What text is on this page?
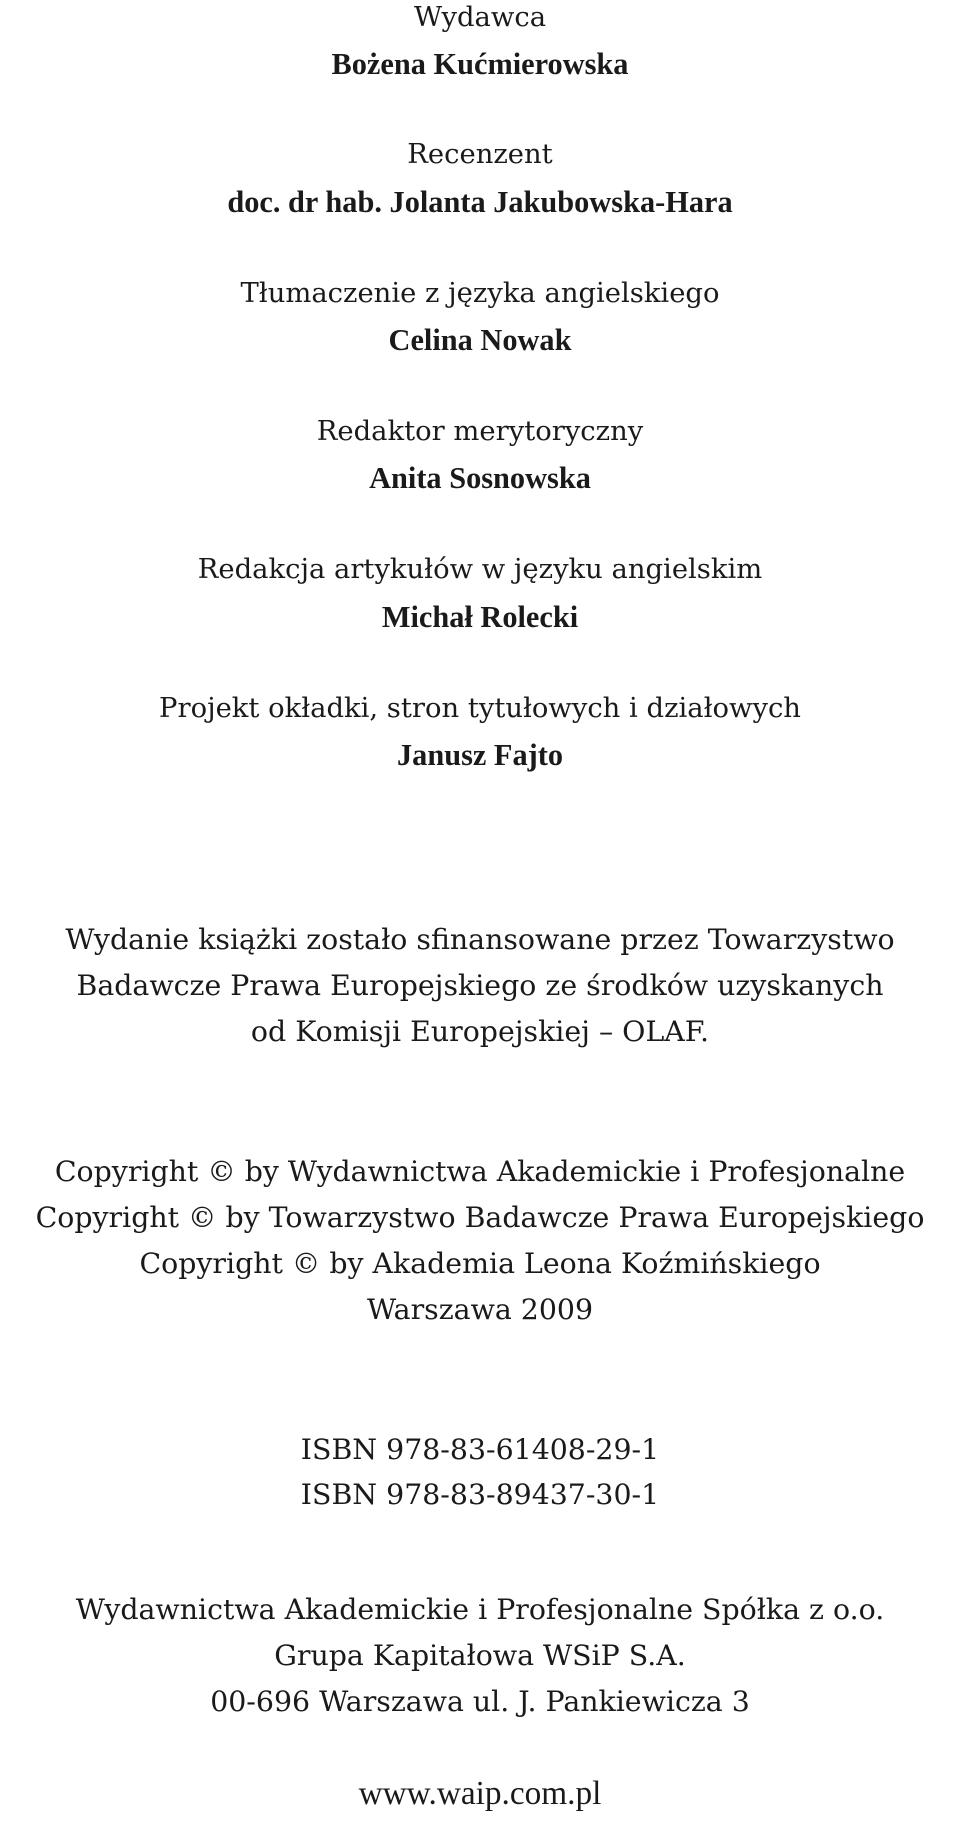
Wydawca
Bożena Kućmierowska
Recenzent
doc. dr hab. Jolanta Jakubowska-Hara
Tłumaczenie z języka angielskiego
Celina Nowak
Redaktor merytoryczny
Anita Sosnowska
Redakcja artykułów w języku angielskim
Michał Rolecki
Projekt okładki, stron tytułowych i działowych
Janusz Fajto
Wydanie książki zostało sfinansowane przez Towarzystwo
Badawcze Prawa Europejskiego ze środków uzyskanych
od Komisji Europejskiej – OLAF.
Copyright © by Wydawnictwa Akademickie i Profesjonalne
Copyright © by Towarzystwo Badawcze Prawa Europejskiego
Copyright © by Akademia Leona Koźmińskiego
Warszawa 2009
ISBN 978-83-61408-29-1
ISBN 978-83-89437-30-1
Wydawnictwa Akademickie i Profesjonalne Spółka z o.o.
Grupa Kapitałowa WSiP S.A.
00-696 Warszawa ul. J. Pankiewicza 3
www.waip.com.pl
